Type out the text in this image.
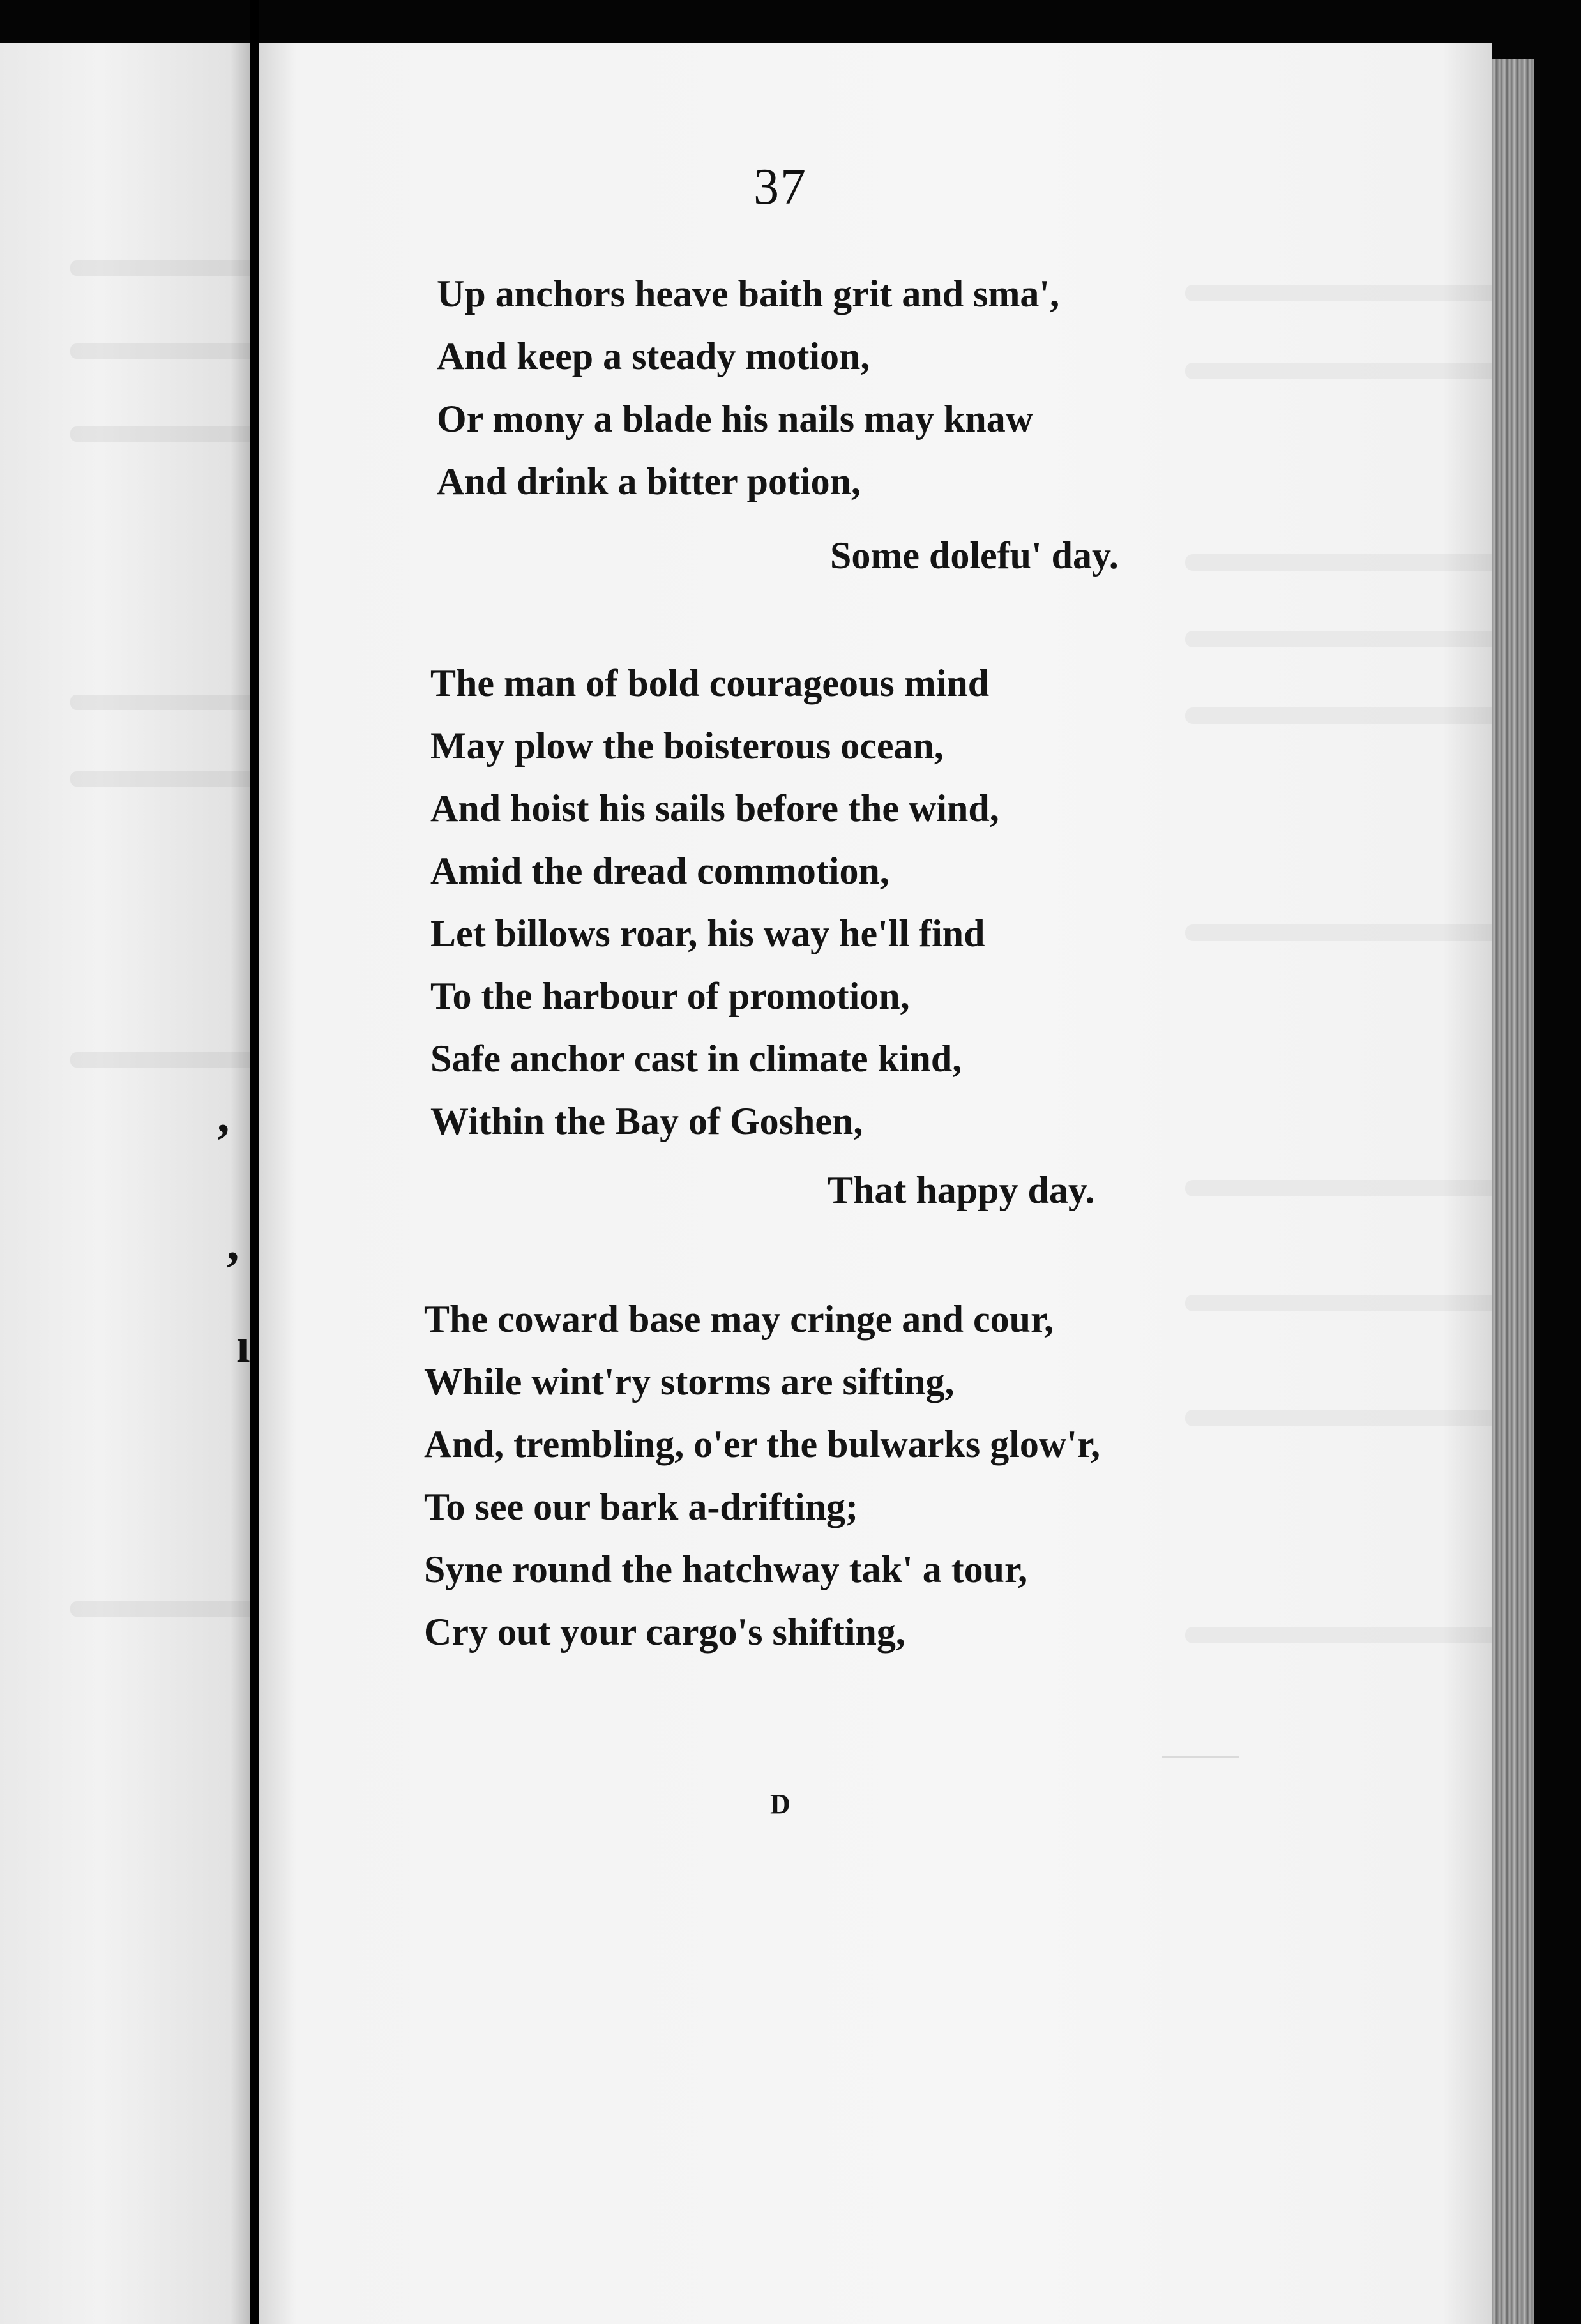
,
,
ı
37
Up anchors heave baith grit and sma',
And keep a steady motion,
Or mony a blade his nails may knaw
And drink a bitter potion,
Some dolefu' day.
The man of bold courageous mind
May plow the boisterous ocean,
And hoist his sails before the wind,
Amid the dread commotion,
Let billows roar, his way he'll find
To the harbour of promotion,
Safe anchor cast in climate kind,
Within the Bay of Goshen,
That happy day.
The coward base may cringe and cour,
While wint'ry storms are sifting,
And, trembling, o'er the bulwarks glow'r,
To see our bark a-drifting;
Syne round the hatchway tak' a tour,
Cry out your cargo's shifting,
D
